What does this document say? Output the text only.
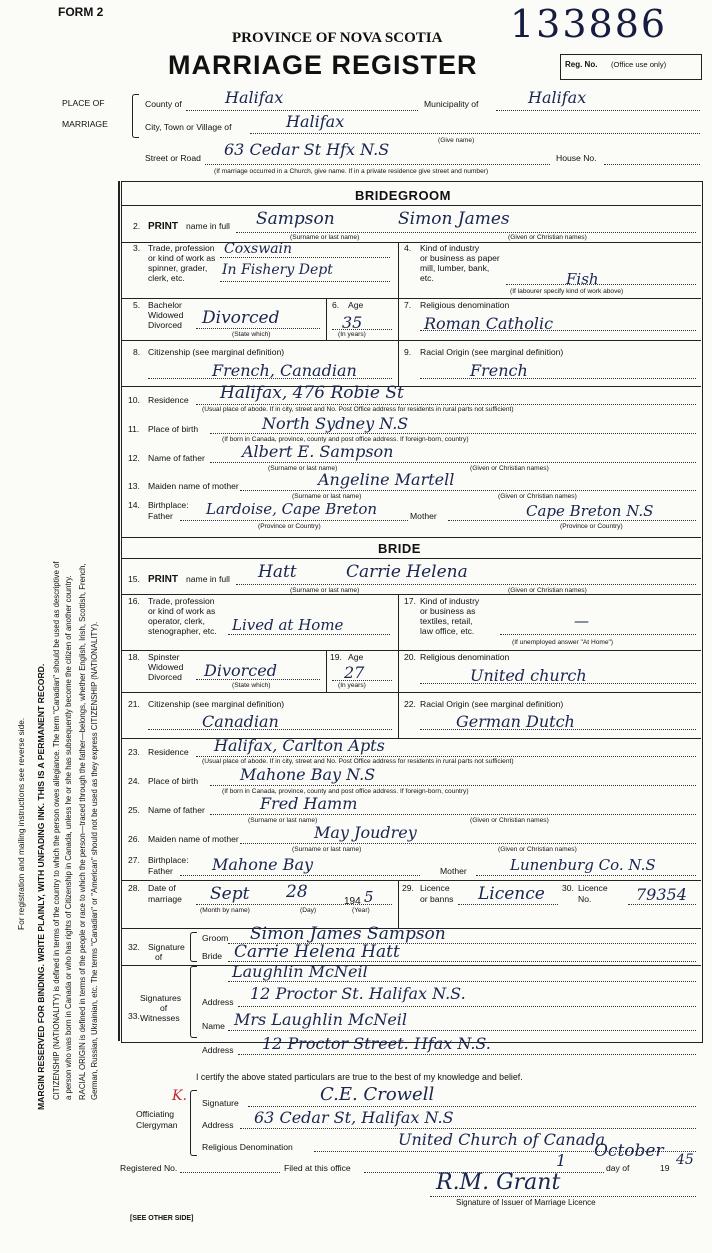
FORM 2	133886
PROVINCE OF NOVA SCOTIA
MARRIAGE REGISTER	Reg. No. (Office use only)
For registration and mailing instructions see reverse side. MARGIN RESERVED FOR BINDING. WRITE PLAINLY, WITH UNFADING INK. THIS IS A PERMANENT RECORD. CITIZENSHIP (NATIONALITY) is defined in terms of the country to which the person owes allegiance. The term "Canadian" should be used as descriptive of a person who was born in Canada or who has rights of Citizenship in Canada, unless he or she has subsequently become the citizen of another country. RACIAL ORIGIN is defined in terms of the people or race to which the person—traced through the father—belongs, whether English, Irish, Scottish, French, German, Russian, Ukrainian, etc. The terms "Canadian" or "American" should not be used as they express CITIZENSHIP (NATIONALITY).
PLACE OF
MARRIAGE
County of	Halifax	Municipality of	Halifax
City, Town or Village of	Halifax
(Give name)
Street or Road 63 Cedar St Hfx N.S	House No.
(If marriage occurred in a Church, give name. If in a private residence give street and number)
BRIDEGROOM
2. PRINT name in full Sampson	Simon James
(Surname or last name)	(Given or Christian names)
3. Trade, profession
or kind of work as
spinner, grader,
clerk, etc.
Coxswain
In Fishery Dept
4. Kind of industry
or business as paper
mill, lumber, bank,
etc.	Fish
(If labourer specify kind of work above)
5. Bachelor
Widowed
Divorced Divorced
(State which)
6. Age
35
(In years)
7. Religious denomination
Roman Catholic
8. Citizenship (see marginal definition)
French, Canadian
9. Racial Origin (see marginal definition)
French
10. Residence Halifax, 476 Robie St
(Usual place of abode. If in city, street and No. Post Office address for residents in rural parts not sufficient)
11. Place of birth	North Sydney N.S
(If born in Canada, province, county and post office address. If foreign-born, country)
12. Name of father Albert E. Sampson
(Surname or last name)	(Given or Christian names)
13. Maiden name of mother	Angeline Martell
(Surname or last name)	(Given or Christian names)
14. Birthplace:
Father Lardoise, Cape Breton	Mother	Cape Breton N.S
(Province or Country)	(Province or Country)
BRIDE
15. PRINT name in full Hatt	Carrie Helena
(Surname or last name)	(Given or Christian names)
16. Trade, profession
or kind of work as
operator, clerk,
stenographer, etc. Lived at Home
17. Kind of industry
or business as
textiles, retail,
law office, etc.
—
(If unemployed answer "At Home")
18. Spinster
Widowed
Divorced Divorced
(State which)
19. Age
27
(In years)
20. Religious denomination
United church
21. Citizenship (see marginal definition)
Canadian
22. Racial Origin (see marginal definition)
German Dutch
23. Residence Halifax, Carlton Apts
(Usual place of abode. If in city, street and No. Post Office address for residents in rural parts not sufficient)
24. Place of birth	Mahone Bay N.S
(If born in Canada, province, county and post office address. If foreign-born, country)
25. Name of father	Fred Hamm
(Surname or last name)	(Given or Christian names)
26. Maiden name of mother	May Joudrey
(Surname or last name)	(Given or Christian names)
27. Birthplace:
Father Mahone Bay	Mother	Lunenburg Co. N.S
28. Date of
marriage Sept 28	194 5
(Month by name)	(Day)	(Year)
29. Licence
or banns Licence 30. Licence
No.	79354
32. Signature
of
Groom Simon James Sampson
Bride Carrie Helena Hatt
33.
Signatures
of
Witnesses
Laughlin McNeil
Address 12 Proctor St. Halifax N.S.
Name Mrs Laughlin McNeil
Address 12 Proctor Street. Hfax N.S.
I certify the above stated particulars are true to the best of my knowledge and belief.
K.
Officiating
Clergyman
Signature	C.E. Crowell
Address 63 Cedar St, Halifax N.S
Religious Denomination	United Church of Canada
Registered No.	Filed at this office	1	day of
October
19 45
R.M. Grant
Signature of Issuer of Marriage Licence
[SEE OTHER SIDE]
